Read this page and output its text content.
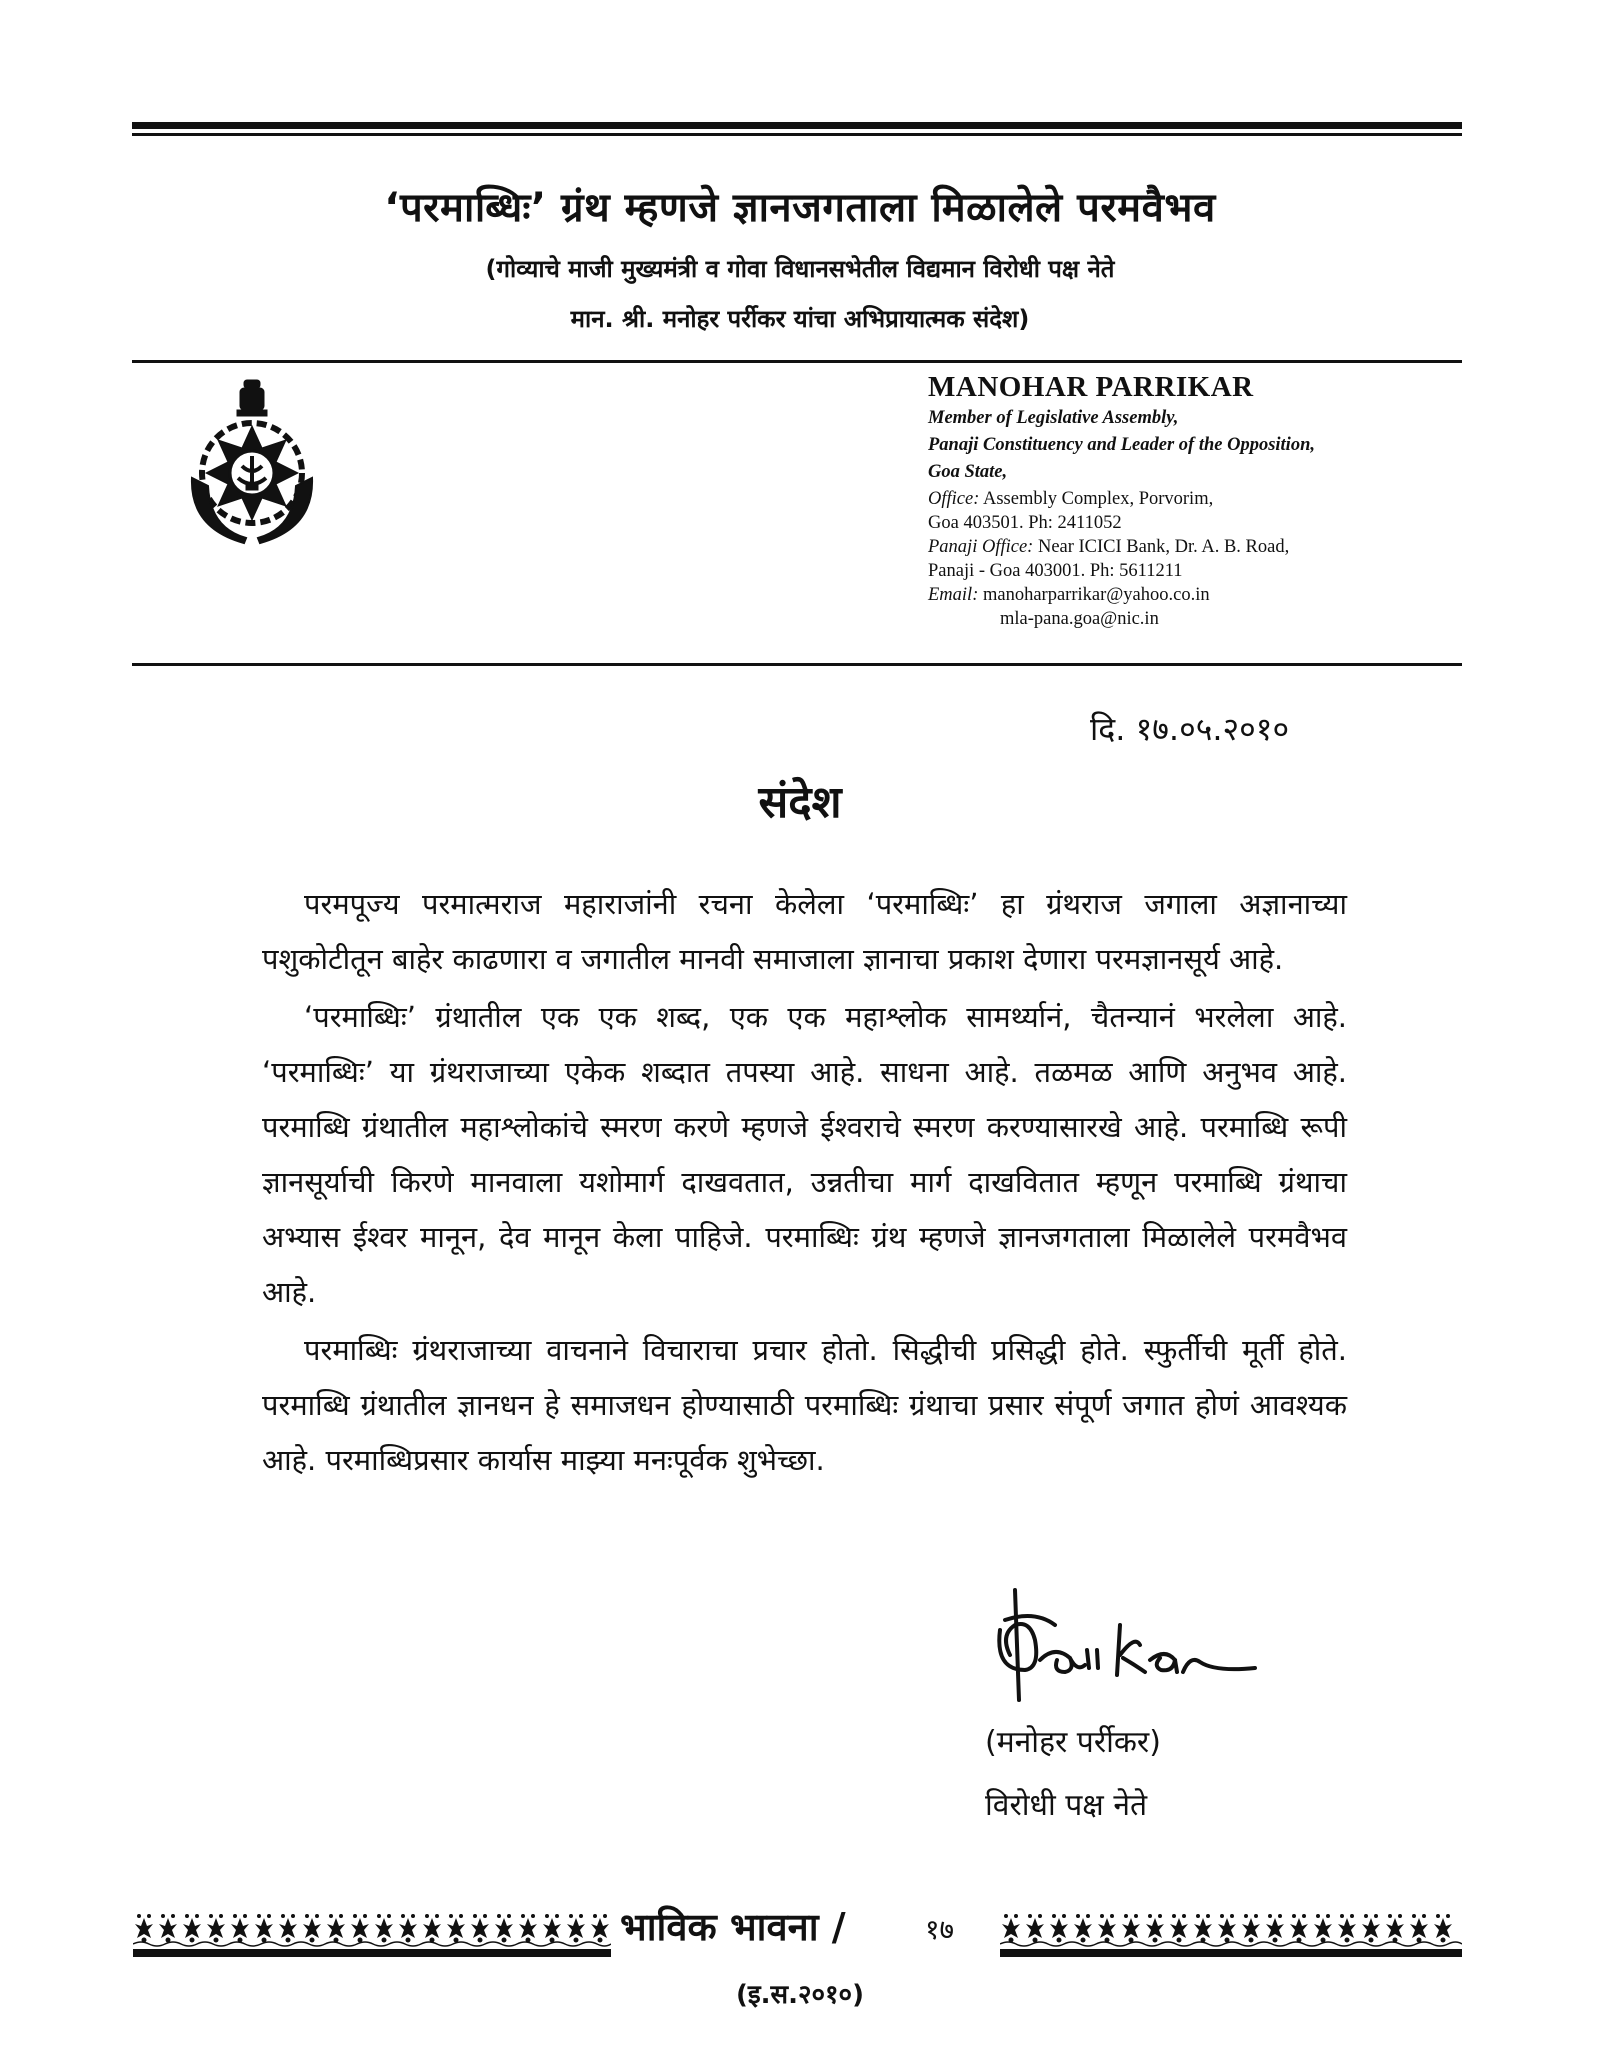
‘परमाब्धिः’ ग्रंथ म्हणजे ज्ञानजगताला मिळालेले परमवैभव
(गोव्याचे माजी मुख्यमंत्री व गोवा विधानसभेतील विद्यमान विरोधी पक्ष नेते
मान. श्री. मनोहर पर्रीकर यांचा अभिप्रायात्मक संदेश)
MANOHAR PARRIKAR
Member of Legislative Assembly,
Panaji Constituency and Leader of the Opposition,
Goa State,
Office: Assembly Complex, Porvorim,
Goa 403501. Ph: 2411052
Panaji Office: Near ICICI Bank, Dr. A. B. Road,
Panaji - Goa 403001. Ph: 5611211
Email: manoharparrikar@yahoo.co.in
mla-pana.goa@nic.in
दि. १७.०५.२०१०
संदेश

परमपूज्य परमात्मराज महाराजांनी रचना केलेला ‘परमाब्धिः’ हा ग्रंथराज जगाला अज्ञानाच्या पशुकोटीतून बाहेर काढणारा व जगातील मानवी समाजाला ज्ञानाचा प्रकाश देणारा परमज्ञानसूर्य आहे.

‘परमाब्धिः’ ग्रंथातील एक एक शब्द, एक एक महाश्लोक सामर्थ्यानं, चैतन्यानं भरलेला आहे. ‘परमाब्धिः’ या ग्रंथराजाच्या एकेक शब्दात तपस्या आहे. साधना आहे. तळमळ आणि अनुभव आहे. परमाब्धि ग्रंथातील महाश्लोकांचे स्मरण करणे म्हणजे ईश्वराचे स्मरण करण्यासारखे आहे. परमाब्धि रूपी ज्ञानसूर्याची किरणे मानवाला यशोमार्ग दाखवतात, उन्नतीचा मार्ग दाखवितात म्हणून परमाब्धि ग्रंथाचा अभ्यास ईश्वर मानून, देव मानून केला पाहिजे. परमाब्धिः ग्रंथ म्हणजे ज्ञानजगताला मिळालेले परमवैभव आहे.

परमाब्धिः ग्रंथराजाच्या वाचनाने विचाराचा प्रचार होतो. सिद्धीची प्रसिद्धी होते. स्फुर्तीची मूर्ती होते. परमाब्धि ग्रंथातील ज्ञानधन हे समाजधन होण्यासाठी परमाब्धिः ग्रंथाचा प्रसार संपूर्ण जगात होणं आवश्यक आहे. परमाब्धिप्रसार कार्यास माझ्या मनःपूर्वक शुभेच्छा.

(मनोहर पर्रीकर)
विरोधी पक्ष नेते
भाविक भावना /	१७
(इ.स.२०१०)
